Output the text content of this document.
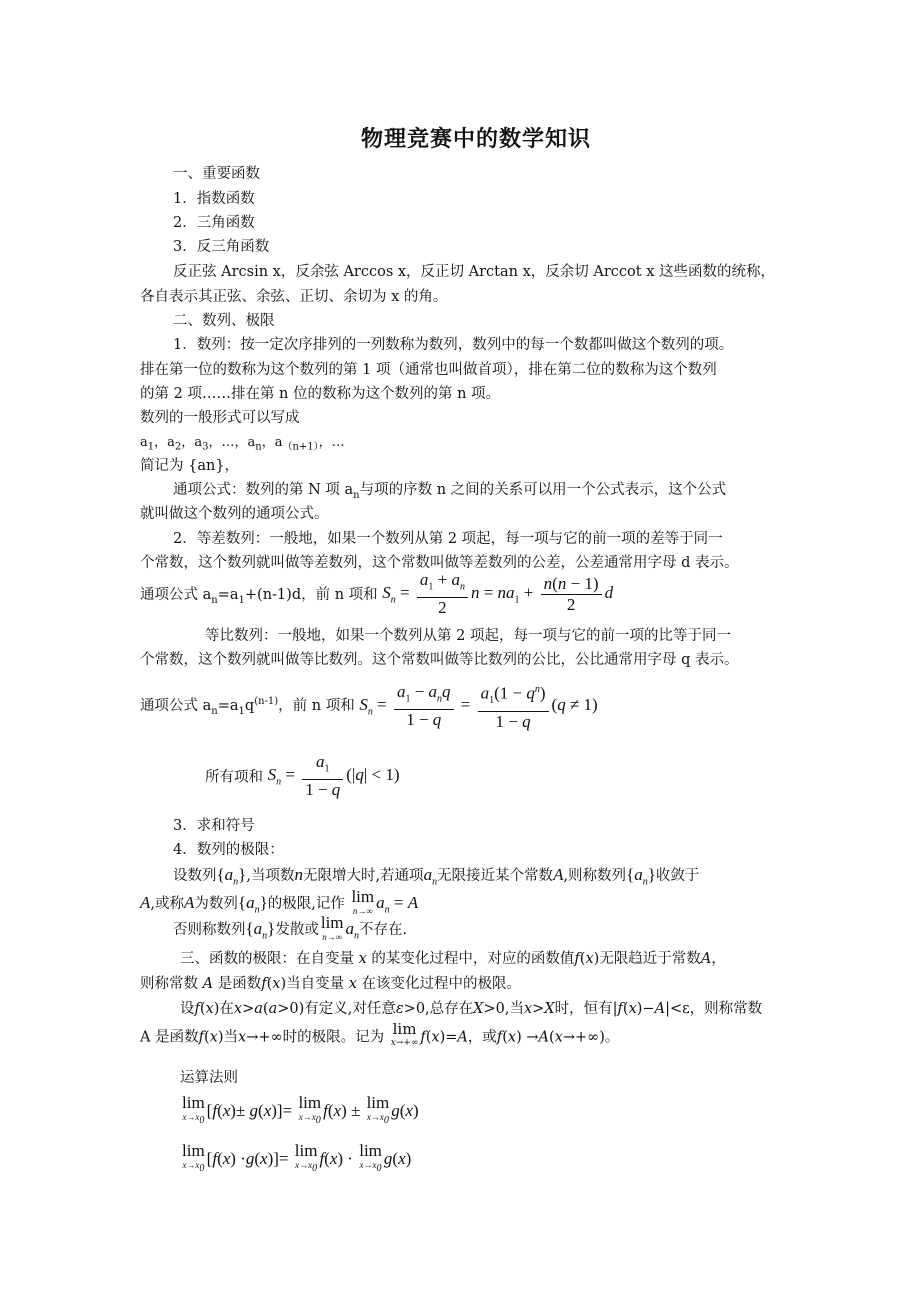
物理竞赛中的数学知识
一、重要函数
1．指数函数
2．三角函数
3．反三角函数
反正弦 Arcsin x，反余弦 Arccos x，反正切 Arctan x，反余切 Arccot x 这些函数的统称，
各自表示其正弦、余弦、正切、余切为 x 的角。
二、数列、极限
1．数列：按一定次序排列的一列数称为数列，数列中的每一个数都叫做这个数列的项。
排在第一位的数称为这个数列的第 1 项（通常也叫做首项），排在第二位的数称为这个数列
的第 2 项……排在第 n 位的数称为这个数列的第 n 项。
数列的一般形式可以写成
$a_1$，$a_2$，$a_3$，…，$a_n$，$a_{(n+1)}$，…
简记为 {an}，
通项公式：数列的第 N 项 $a_n$与项的序数 n 之间的关系可以用一个公式表示，这个公式
就叫做这个数列的通项公式。
2．等差数列：一般地，如果一个数列从第 2 项起，每一项与它的前一项的差等于同一
个常数，这个数列就叫做等差数列，这个常数叫做等差数列的公差，公差通常用字母 d 表示。
通项公式 $a_n=a_1+(n-1)d$，前 n 项和 $S_n = \frac{a_1 + a_n}{2}$ $n = na_1 + \frac{n(n - 1)}{2}$ d
等比数列：一般地，如果一个数列从第 2 项起，每一项与它的前一项的比等于同一
个常数，这个数列就叫做等比数列。这个常数叫做等比数列的公比，公比通常用字母 q 表示。
通项公式 $a_n=a_1q^{(n-1)}$，前 n 项和 $S_n = \frac{a_1 - a_nq}{1 - q} = \frac{a_1(1 - q^n)}{1 - q} (q \ne 1)$
所有项和 $S_n = \frac{a_1}{1 - q} (|q| < 1)$
3．求和符号
4．数列的极限：
设数列$\{a_n\}$,当项数n无限增大时,若通项$a_n$无限接近某个常数A,则称数列$\{a_n\}$收敛于
A,或称A为数列$\{a_n\}$的极限,记作 lim
n→∞ $a_n = A$
否则称数列$\{a_n\}$发散或 lim
n→∞ $a_n$不存在.
三、函数的极限：在自变量 x 的某变化过程中，对应的函数值f(x)无限趋近于常数A，
则称常数 A 是函数f(x)当自变量 x 在该变化过程中的极限。
设f(x)在x>a(a>0)有定义,对任意ε>0,总存在X>0,当x>X时，恒有|f(x)−A|<ε，则称常数
A 是函数f(x)当x→+∞时的极限。记为 lim
x→+∞ f(x)=A，或f(x) →A(x→+∞)。
运算法则
lim
$x\to x_0$
[f(x)± g(x)]= lim
$x\to x_0$
f(x) ± lim
$x\to x_0$
g(x)
lim
$x\to x_0$
[f(x) ·g(x)]= lim
$x\to x_0$
f(x) · lim
$x\to x_0$
g(x)
